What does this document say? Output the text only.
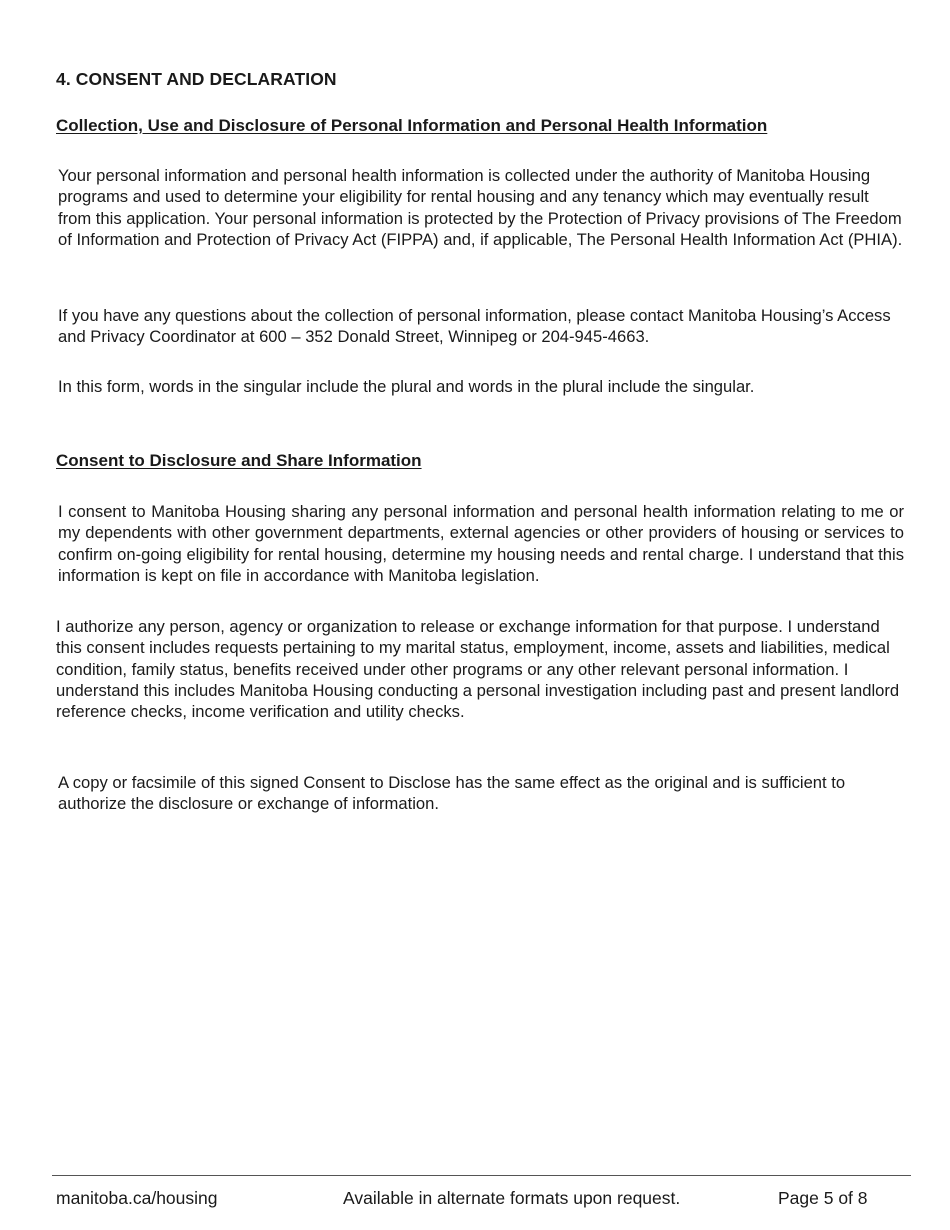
4. CONSENT AND DECLARATION
Collection, Use and Disclosure of Personal Information and Personal Health Information

Your personal information and personal health information is collected under the authority of Manitoba Housing programs and used to determine your eligibility for rental housing and any tenancy which may eventually result from this application. Your personal information is protected by the Protection of Privacy provisions of The Freedom of Information and Protection of Privacy Act (FIPPA) and, if applicable, The Personal Health Information Act (PHIA).

If you have any questions about the collection of personal information, please contact Manitoba Housing’s Access and Privacy Coordinator at 600 – 352 Donald Street, Winnipeg or 204-945-4663.

In this form, words in the singular include the plural and words in the plural include the singular.

Consent to Disclosure and Share Information

I consent to Manitoba Housing sharing any personal information and personal health information relating to me or my dependents with other government departments, external agencies or other providers of housing or services to confirm on-going eligibility for rental housing, determine my housing needs and rental charge. I understand that this information is kept on file in accordance with Manitoba legislation.

I authorize any person, agency or organization to release or exchange information for that purpose. I understand this consent includes requests pertaining to my marital status, employment, income, assets and liabilities, medical condition, family status, benefits received under other programs or any other relevant personal information. I understand this includes Manitoba Housing conducting a personal investigation including past and present landlord reference checks, income verification and utility checks.

A copy or facsimile of this signed Consent to Disclose has the same effect as the original and is sufficient to authorize the disclosure or exchange of information.

manitoba.ca/housing	Available in alternate formats upon request.	Page 5 of 8
